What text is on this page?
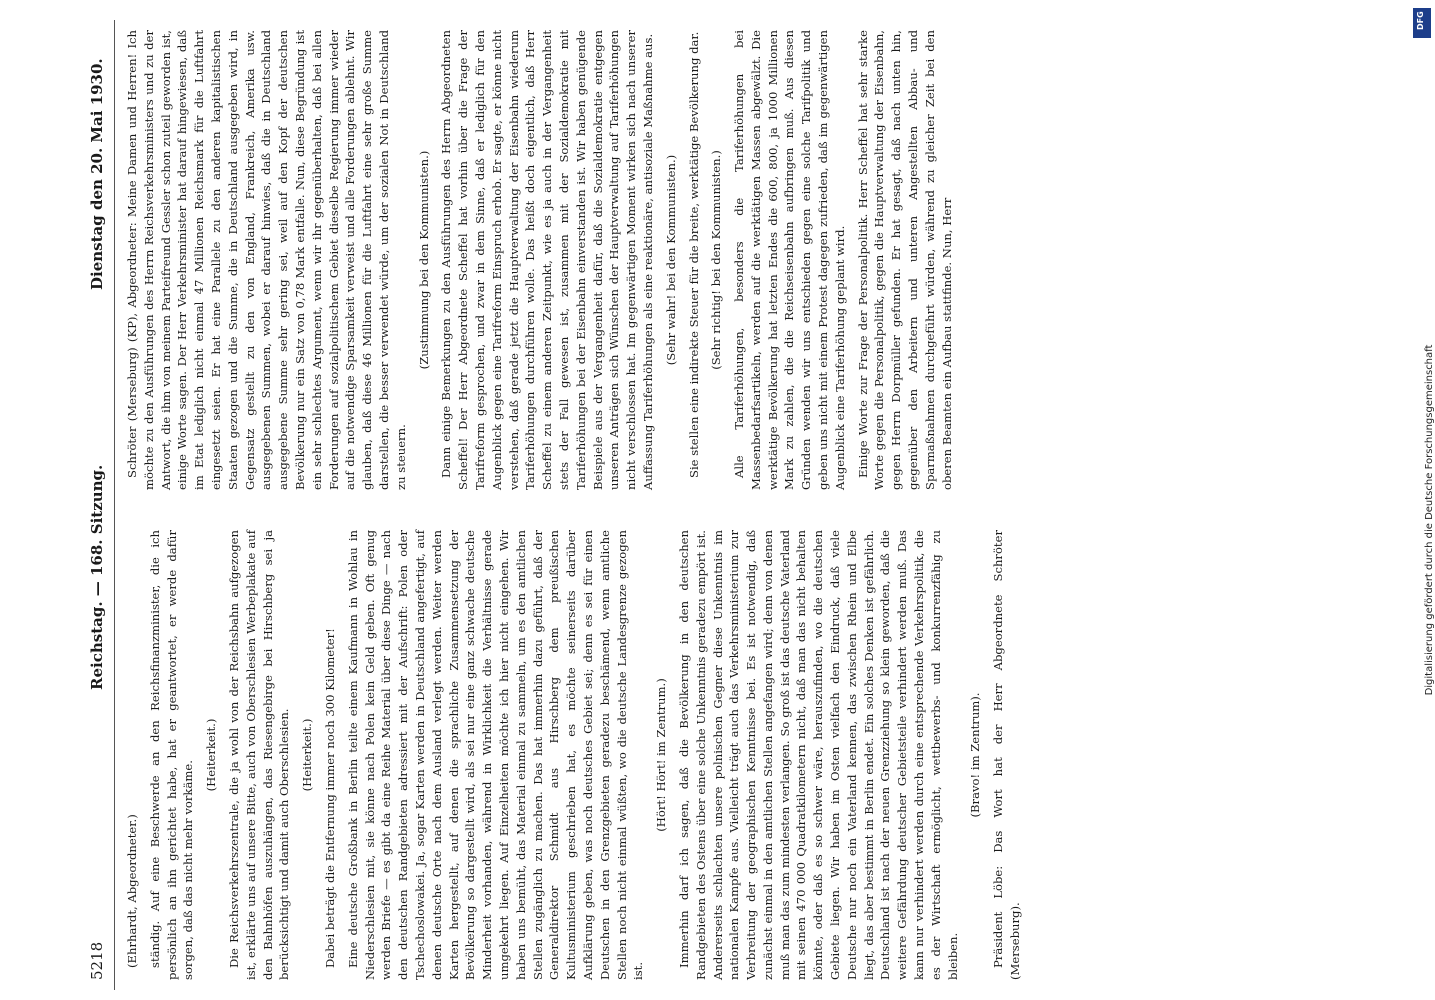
5218
Reichstag. — 168. Sitzung.
Dienstag den 20. Mai 1930.

(Ehrhardt, Abgeordneter.) ständig. Auf eine Beschwerde an den Reichsfinanzminister, die ich persönlich an ihn gerichtet habe, hat er geantwortet, er werde dafür sorgen, daß das nicht mehr vorkäme.

(Heiterkeit.) Die Reichsverkehrszentrale, die ja wohl von der Reichsbahn aufgezogen ist, erklärte uns auf unsere Bitte, auch von Oberschlesien Werbeplakate auf den Bahnhöfen auszuhängen, das Riesengebirge bei Hirschberg sei ja berücksichtigt und damit auch Oberschlesien. (Heiterkeit.) Dabei beträgt die Entfernung immer noch 300 Kilometer! Eine deutsche Großbank in Berlin teilte einem Kaufmann in Wohlau in Niederschlesien mit, sie könne nach Polen kein Geld geben. Oft genug werden Briefe — es gibt da eine Reihe Material über diese Dinge — nach den deutschen Randgebieten adressiert mit der Aufschrift: Polen oder Tschechoslowakei. Ja, sogar Karten werden in Deutschland angefertigt, auf denen deutsche Orte nach dem Ausland verlegt werden. Weiter werden Karten hergestellt, auf denen die sprachliche Zusammensetzung der Bevölkerung so dargestellt wird, als sei nur eine ganz schwache deutsche Minderheit vorhanden, während in Wirklichkeit die Verhältnisse gerade umgekehrt liegen. Auf Einzelheiten möchte ich hier nicht eingehen. Wir haben uns bemüht, das Material einmal zu sammeln, um es den amtlichen Stellen zugänglich zu machen. Das hat immerhin dazu geführt, daß der Generaldirektor Schmidt aus Hirschberg dem preußischen Kultusministerium geschrieben hat, es möchte seinerseits darüber Aufklärung geben, was noch deutsches Gebiet sei; denn es sei für einen Deutschen in den Grenzgebieten geradezu beschämend, wenn amtliche Stellen noch nicht einmal wüßten, wo die deutsche Landesgrenze gezogen ist.

(Hört! Hört! im Zentrum.) Immerhin darf ich sagen, daß die Bevölkerung in den deutschen Randgebieten des Ostens über eine solche Unkenntnis geradezu empört ist. Andererseits schlachten unsere polnischen Gegner diese Unkenntnis im nationalen Kampfe aus. Vielleicht trägt auch das Verkehrsministerium zur Verbreitung der geographischen Kenntnisse bei. Es ist notwendig, daß zunächst einmal in den amtlichen Stellen angefangen wird; denn von denen muß man das zum mindesten verlangen. So groß ist das deutsche Vaterland mit seinen 470 000 Quadratkilometern nicht, daß man das nicht behalten könnte, oder daß es so schwer wäre, herauszufinden, wo die deutschen Gebiete liegen. Wir haben im Osten vielfach den Eindruck, daß viele Deutsche nur noch ein Vaterland kennen, das zwischen Rhein und Elbe liegt, das aber bestimmt in Berlin endet. Ein solches Denken ist gefährlich. Deutschland ist nach der neuen Grenzziehung so klein geworden, daß die weitere Gefährdung deutscher Gebietsteile verhindert werden muß. Das kann nur verhindert werden durch eine entsprechende Verkehrspolitik, die es der Wirtschaft ermöglicht, wettbewerbs- und konkurrenzfähig zu bleiben.

(Bravo! im Zentrum). Präsident Löbe: Das Wort hat der Herr Abgeordnete Schröter (Merseburg).

Schröter (Merseburg) (KP), Abgeordneter: Meine Damen und Herren! Ich möchte zu den Ausführungen des Herrn Reichsverkehrsministers und zu der Antwort, die ihm von meinem Parteifreund Gessler schon zuteil geworden ist, einige Worte sagen. Der Herr Verkehrsminister hat darauf hingewiesen, daß im Etat lediglich nicht einmal 47 Millionen Reichsmark für die Luftfahrt eingesetzt seien. Er hat eine Parallele zu den anderen kapitalistischen Staaten gezogen und die Summe, die in Deutschland ausgegeben wird, in Gegensatz gestellt zu den von England, Frankreich, Amerika usw. ausgegebenen Summen, wobei er darauf hinwies, daß die in Deutschland ausgegebene Summe sehr gering sei, weil auf den Kopf der deutschen Bevölkerung nur ein Satz von 0,78 Mark entfalle. Nun, diese Begründung ist ein sehr schlechtes Argument, wenn wir ihr gegenüberhalten, daß bei allen Forderungen auf sozialpolitischem Gebiet dieselbe Regierung immer wieder auf die notwendige Sparsamkeit verweist und alle Forderungen ablehnt. Wir glauben, daß diese 46 Millionen für die Luftfahrt eine sehr große Summe darstellen, die besser verwendet würde, um der sozialen Not in Deutschland zu steuern.

(Zustimmung bei den Kommunisten.) Dann einige Bemerkungen zu den Ausführungen des Herrn Abgeordneten Scheffel! Der Herr Abgeordnete Scheffel hat vorhin über die Frage der Tarifreform gesprochen, und zwar in dem Sinne, daß er lediglich für den Augenblick gegen eine Tarifreform Einspruch erhob. Er sagte, er könne nicht verstehen, daß gerade jetzt die Hauptverwaltung der Eisenbahn wiederum Tariferhöhungen durchführen wolle. Das heißt doch eigentlich, daß Herr Scheffel zu einem anderen Zeitpunkt, wie es ja auch in der Vergangenheit stets der Fall gewesen ist, zusammen mit der Sozialdemokratie mit Tariferhöhungen bei der Eisenbahn einverstanden ist. Wir haben genügende Beispiele aus der Vergangenheit dafür, daß die Sozialdemokratie entgegen unseren Anträgen sich Wünschen der Hauptverwaltung auf Tariferhöhungen nicht verschlossen hat. Im gegenwärtigen Moment wirken sich nach unserer Auffassung Tariferhöhungen als eine reaktionäre, antisoziale Maßnahme aus. (Sehr wahr! bei den Kommunisten.) Sie stellen eine indirekte Steuer für die breite, werktätige Bevölkerung dar. (Sehr richtig! bei den Kommunisten.) Alle Tariferhöhungen, besonders die Tariferhöhungen bei Massenbedarfsartikeln, werden auf die werktätigen Massen abgewälzt. Die werktätige Bevölkerung hat letzten Endes die 600, 800, ja 1000 Millionen Mark zu zahlen, die die Reichseisenbahn aufbringen muß. Aus diesen Gründen wenden wir uns entschieden gegen eine solche Tarifpolitik und geben uns nicht mit einem Protest dagegen zufrieden, daß im gegenwärtigen Augenblick eine Tariferhöhung geplant wird. Einige Worte zur Frage der Personalpolitik. Herr Scheffel hat sehr starke Worte gegen die Personalpolitik, gegen die Hauptverwaltung der Eisenbahn, gegen Herrn Dorpmüller gefunden. Er hat gesagt, daß nach unten hin, gegenüber den Arbeitern und unteren Angestellten Abbau- und Sparmaßnahmen durchgeführt würden, während zu gleicher Zeit bei den oberen Beamten ein Aufbau stattfinde. Nun, Herr

DFG
Digitalisierung gefördert durch die Deutsche Forschungsgemeinschaft
